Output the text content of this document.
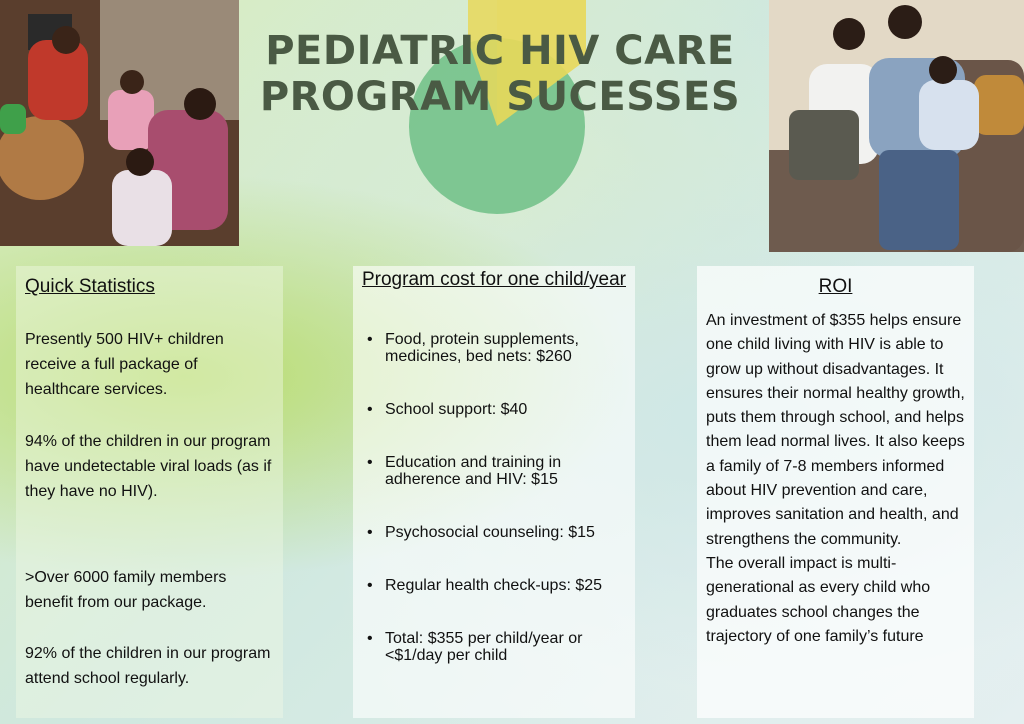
PEDIATRIC HIV CARE
PROGRAM SUCESSES
Quick Statistics
Presently 500 HIV+ children receive a full package of healthcare services.
94% of the children in our program have undetectable viral loads (as if they have no HIV).
>Over 6000 family members benefit from our package.
92% of the children in our program attend school regularly.
Program cost for one child/year
• Food, protein supplements, medicines, bed nets: $260
• School support: $40
• Education and training in adherence and HIV: $15
• Psychosocial counseling: $15
• Regular health check-ups: $25
• Total: $355 per child/year or <$1/day per child
ROI
An investment of $355 helps ensure one child living with HIV is able to grow up without disadvantages. It ensures their normal healthy growth, puts them through school, and helps them lead normal lives. It also keeps a family of 7-8 members informed about HIV prevention and care, improves sanitation and health, and strengthens the community.
The overall impact is multi-generational as every child who graduates school changes the trajectory of one family’s future
